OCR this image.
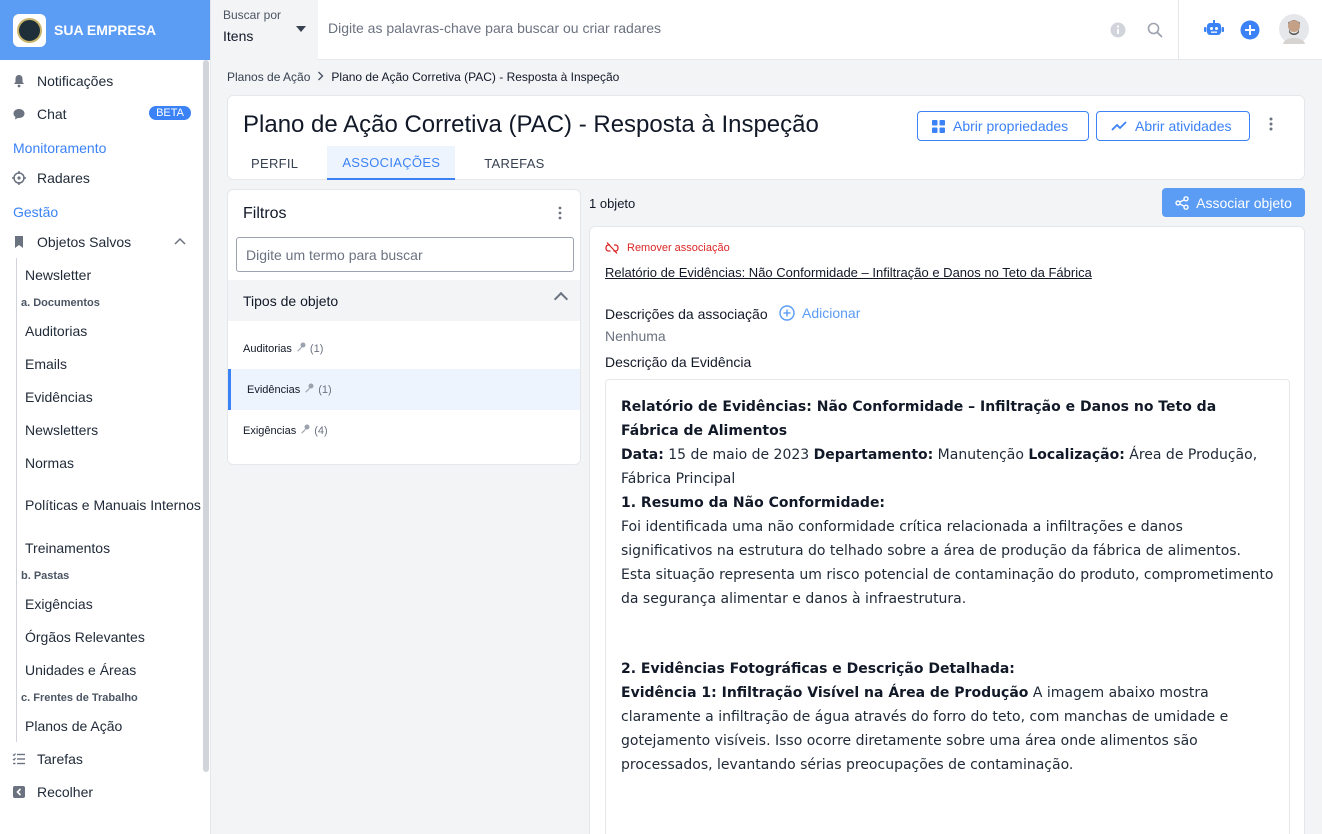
SUA EMPRESA
Notificações
Chat	BETA
Monitoramento
Radares
Gestão
Objetos Salvos
Newsletter
a. Documentos
Auditorias
Emails
Evidências
Newsletters
Normas
Políticas e Manuais Internos
Treinamentos
b. Pastas
Exigências
Órgãos Relevantes
Unidades e Áreas
c. Frentes de Trabalho
Planos de Ação
Tarefas
Recolher
Buscar por
Itens
Digite as palavras-chave para buscar ou criar radares
Planos de Ação Plano de Ação Corretiva (PAC) - Resposta à Inspeção
Plano de Ação Corretiva (PAC) - Resposta à Inspeção	Abrir propriedades	Abrir atividades
PERFIL	ASSOCIAÇÕES	TAREFAS
Filtros
Digite um termo para buscar
Tipos de objeto
Auditorias (1)
Evidências (1)
Exigências (4)
1 objeto	Associar objeto
Remover associação
Relatório de Evidências: Não Conformidade – Infiltração e Danos no Teto da Fábrica
Descrições da associação Adicionar
Nenhuma
Descrição da Evidência

Relatório de Evidências: Não Conformidade – Infiltração e Danos no Teto da Fábrica de Alimentos

Data: 15 de maio de 2023 Departamento: Manutenção Localização: Área de Produção, Fábrica Principal

1. Resumo da Não Conformidade:

Foi identificada uma não conformidade crítica relacionada a infiltrações e danos significativos na estrutura do telhado sobre a área de produção da fábrica de alimentos. Esta situação representa um risco potencial de contaminação do produto, comprometimento da segurança alimentar e danos à infraestrutura.

2. Evidências Fotográficas e Descrição Detalhada:

Evidência 1: Infiltração Visível na Área de Produção A imagem abaixo mostra claramente a infiltração de água através do forro do teto, com manchas de umidade e gotejamento visíveis. Isso ocorre diretamente sobre uma área onde alimentos são processados, levantando sérias preocupações de contaminação.
